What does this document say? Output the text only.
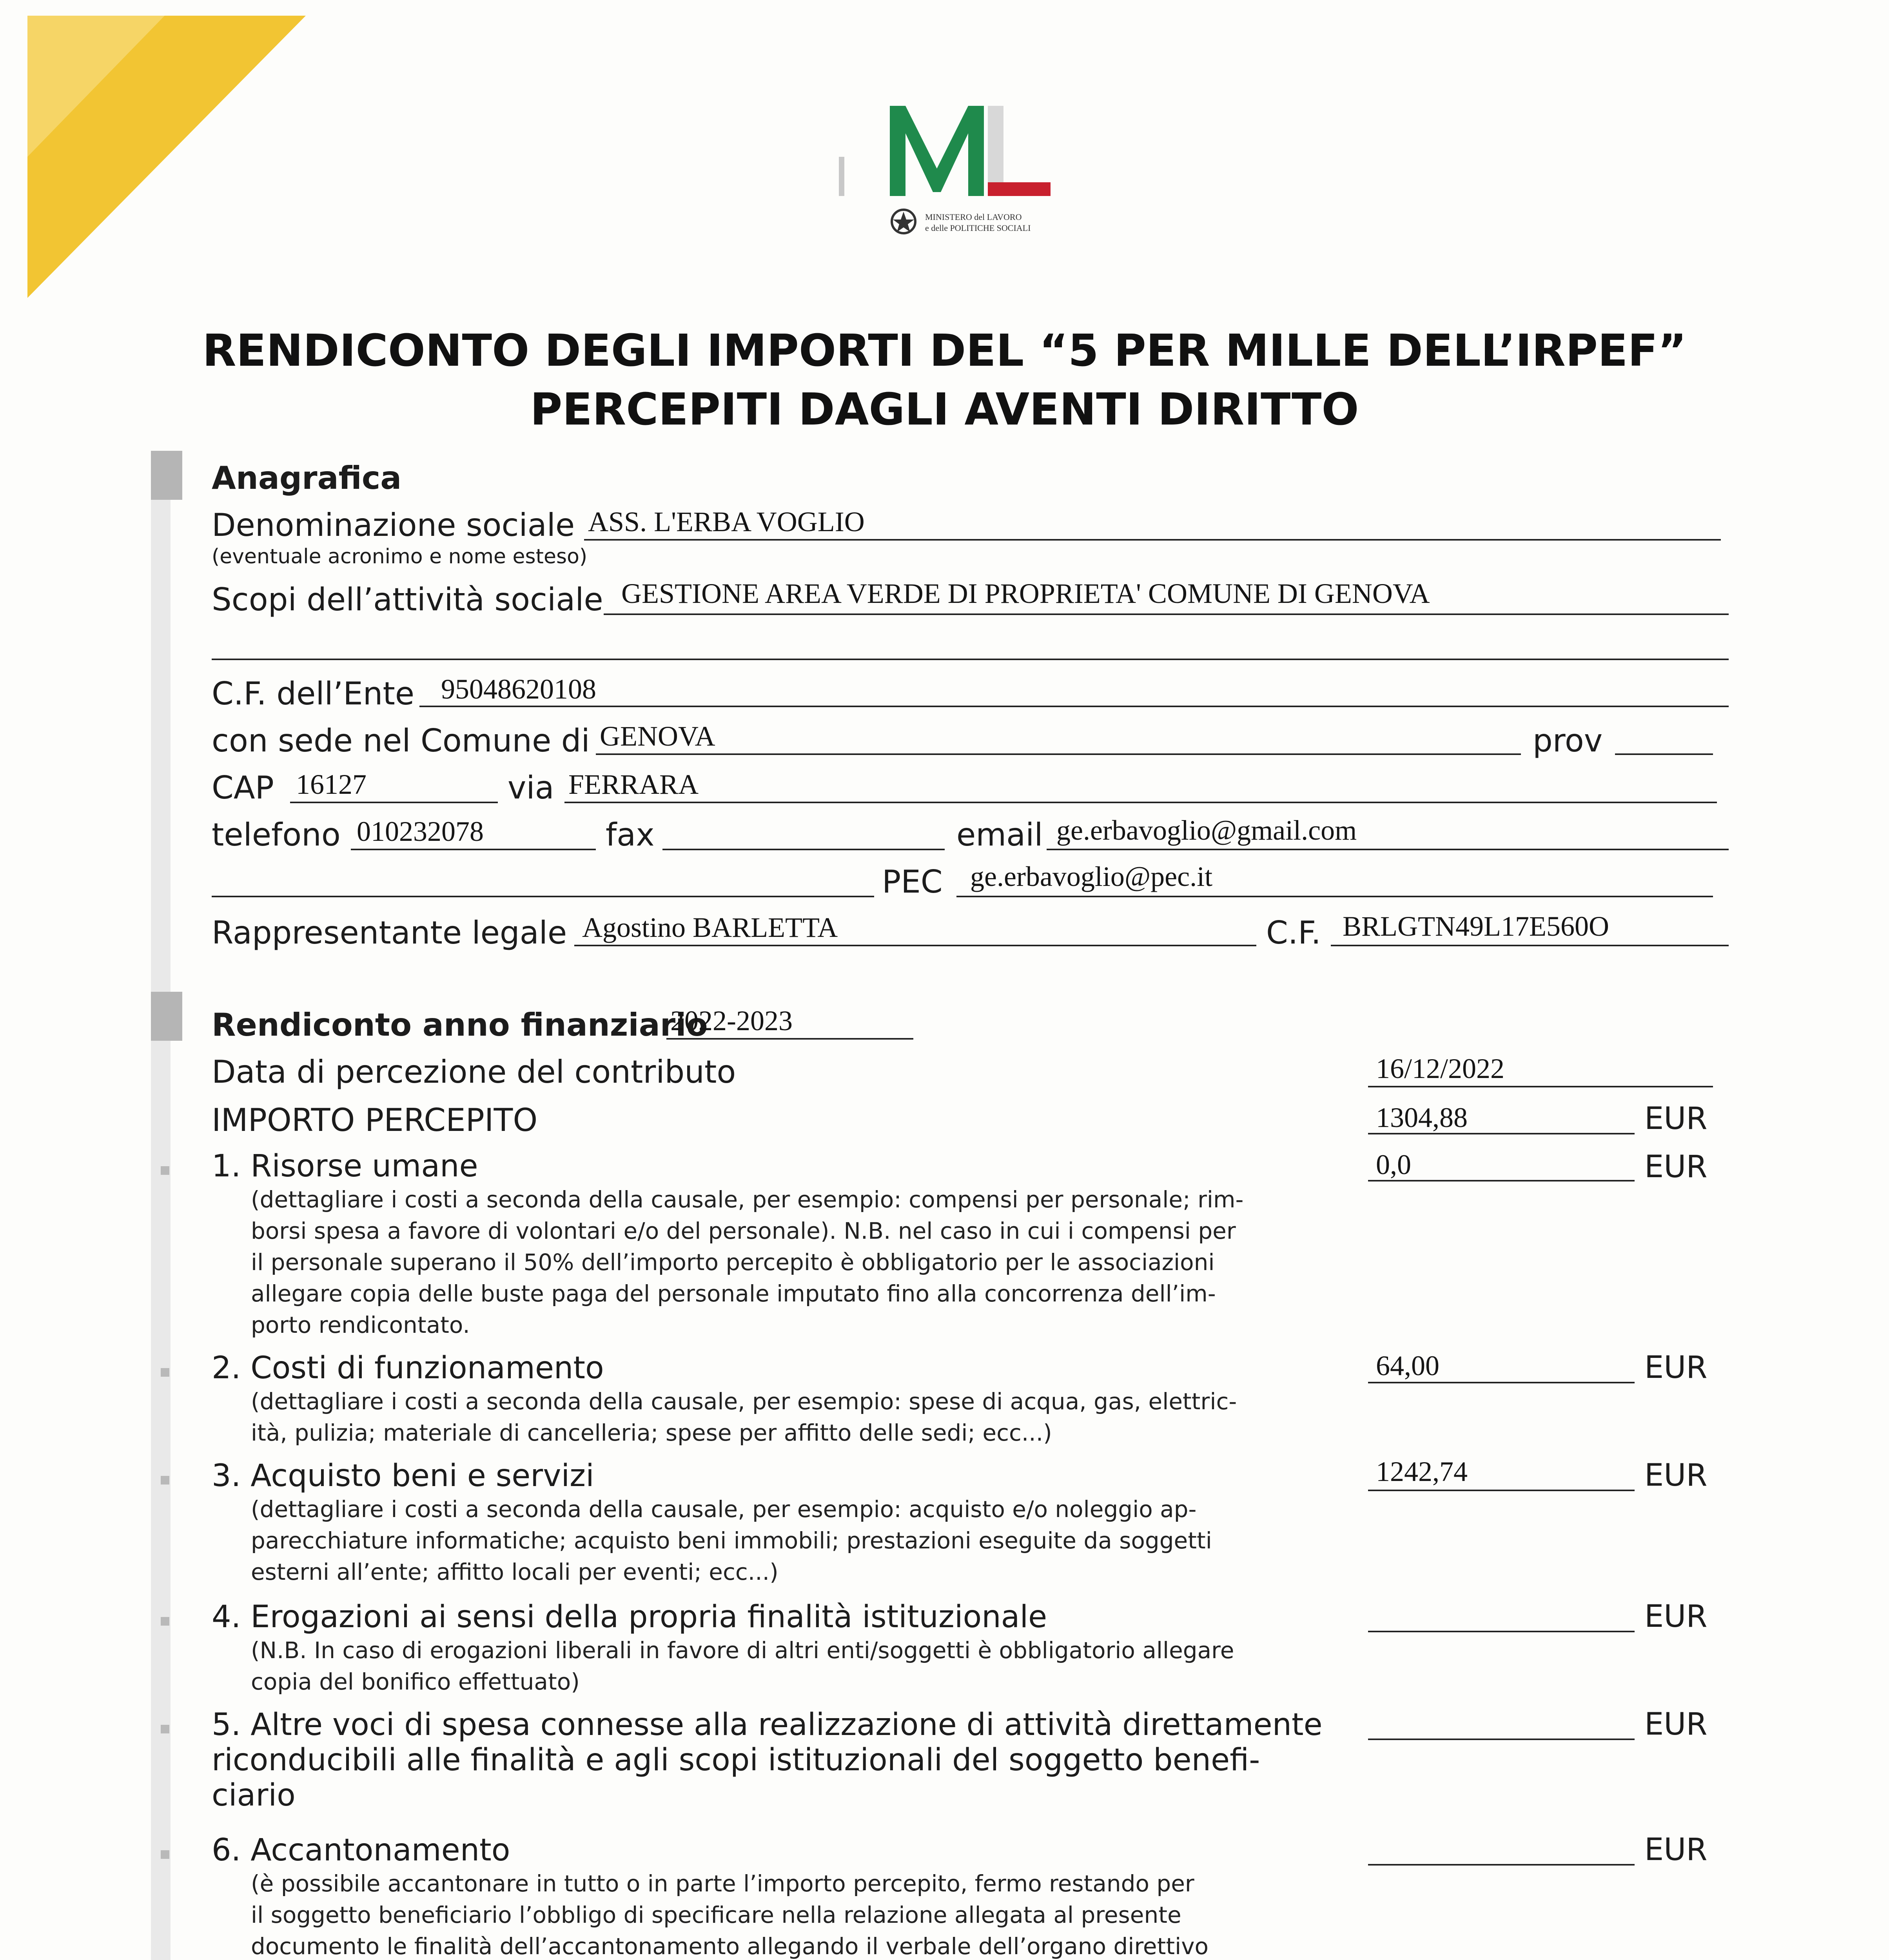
MINISTERO del LAVORO
e delle POLITICHE SOCIALI
RENDICONTO DEGLI IMPORTI DEL “5 PER MILLE DELL’IRPEF”
PERCEPITI DAGLI AVENTI DIRITTO
Anagrafica
Denominazione sociale ASS. L'ERBA VOGLIO
(eventuale acronimo e nome esteso)
Scopi dell’attività sociale GESTIONE AREA VERDE DI PROPRIETA' COMUNE DI GENOVA
C.F. dell’Ente 95048620108
con sede nel Comune di GENOVA	prov
CAP 16127	via FERRARA
telefono 010232078	fax	email ge.erbavoglio@gmail.com
PEC ge.erbavoglio@pec.it
Rappresentante legale Agostino BARLETTA	C.F. BRLGTN49L17E560O
Rendiconto anno finanziario
2022-2023
Data di percezione del contributo	16/12/2022
IMPORTO PERCEPITO	1304,88	EUR
1. Risorse umane	0,0	EUR
(dettagliare i costi a seconda della causale, per esempio: compensi per personale; rim-
borsi spesa a favore di volontari e/o del personale). N.B. nel caso in cui i compensi per
il personale superano il 50% dell’importo percepito è obbligatorio per le associazioni
allegare copia delle buste paga del personale imputato fino alla concorrenza dell’im-
porto rendicontato.
2. Costi di funzionamento	64,00	EUR
(dettagliare i costi a seconda della causale, per esempio: spese di acqua, gas, elettric-
ità, pulizia; materiale di cancelleria; spese per affitto delle sedi; ecc...)
3. Acquisto beni e servizi	1242,74	EUR
(dettagliare i costi a seconda della causale, per esempio: acquisto e/o noleggio ap-
parecchiature informatiche; acquisto beni immobili; prestazioni eseguite da soggetti
esterni all’ente; affitto locali per eventi; ecc...)
4. Erogazioni ai sensi della propria finalità istituzionale	EUR
(N.B. In caso di erogazioni liberali in favore di altri enti/soggetti è obbligatorio allegare
copia del bonifico effettuato)
5. Altre voci di spesa connesse alla realizzazione di attività direttamente
riconducibili alle finalità e agli scopi istituzionali del soggetto benefi-
ciario
EUR
6. Accantonamento	EUR
(è possibile accantonare in tutto o in parte l’importo percepito, fermo restando per
il soggetto beneficiario l’obbligo di specificare nella relazione allegata al presente
documento le finalità dell’accantonamento allegando il verbale dell’organo direttivo
